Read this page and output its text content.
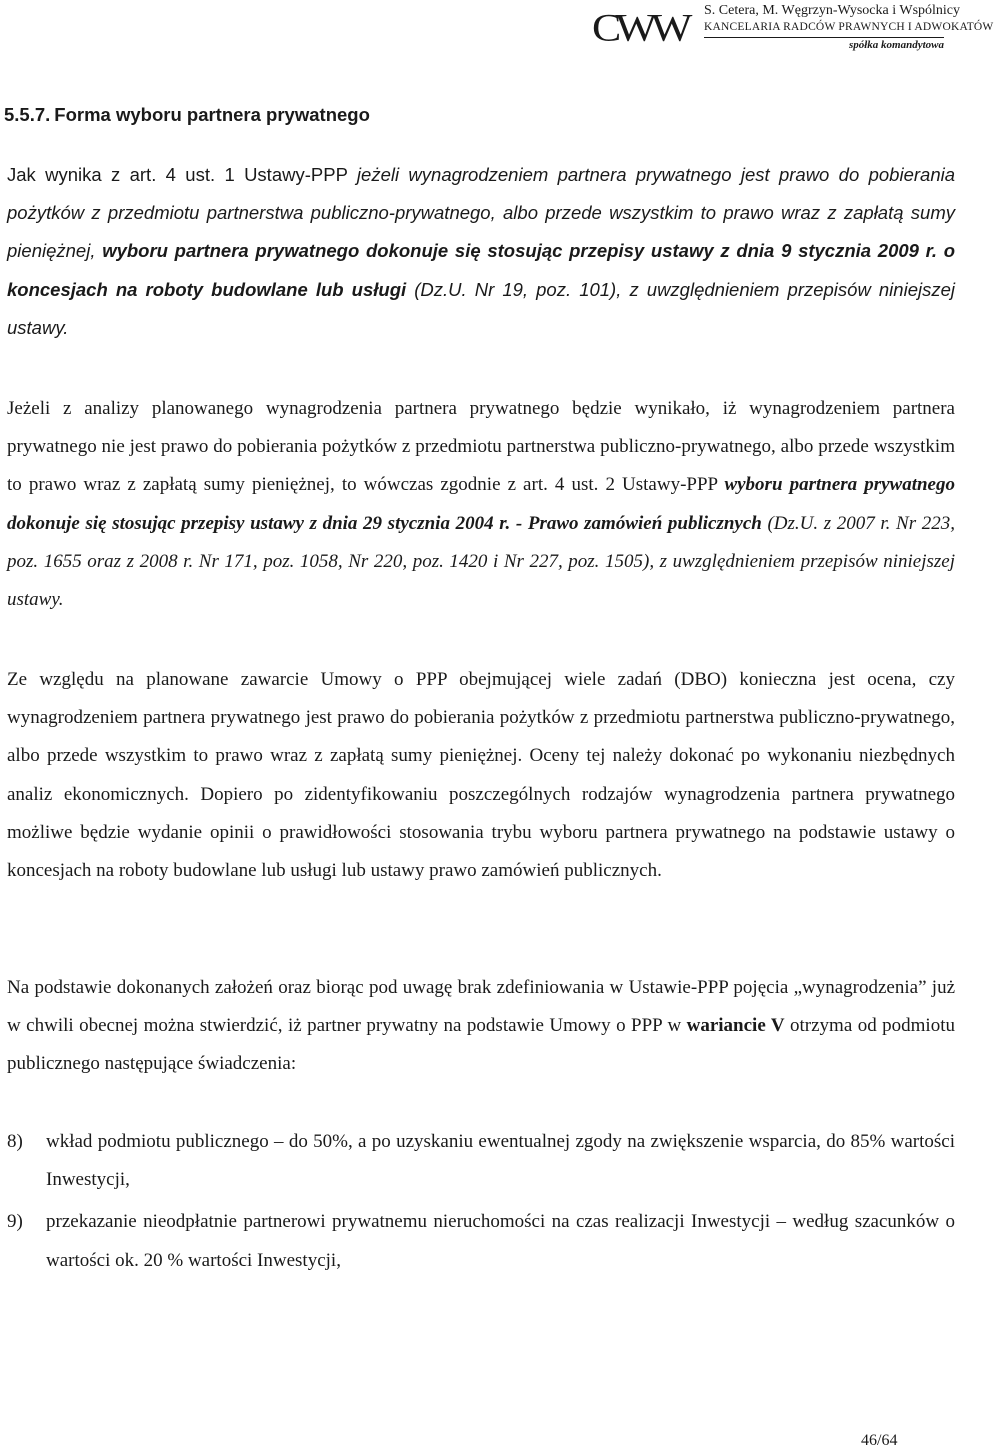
CWW S. Cetera, M. Węgrzyn-Wysocka i Wspólnicy
KANCELARIA RADCÓW PRAWNYCH I ADWOKATÓW
spółka komandytowa
5.5.7. Forma wyboru partnera prywatnego

Jak wynika z art. 4 ust. 1 Ustawy-PPP jeżeli wynagrodzeniem partnera prywatnego jest prawo do pobierania pożytków z przedmiotu partnerstwa publiczno-prywatnego, albo przede wszystkim to prawo wraz z zapłatą sumy pieniężnej, wyboru partnera prywatnego dokonuje się stosując przepisy ustawy z dnia 9 stycznia 2009 r. o koncesjach na roboty budowlane lub usługi (Dz.U. Nr 19, poz. 101), z uwzględnieniem przepisów niniejszej ustawy.

Jeżeli z analizy planowanego wynagrodzenia partnera prywatnego będzie wynikało, iż wynagrodzeniem partnera prywatnego nie jest prawo do pobierania pożytków z przedmiotu partnerstwa publiczno-prywatnego, albo przede wszystkim to prawo wraz z zapłatą sumy pieniężnej, to wówczas zgodnie z art. 4 ust. 2 Ustawy-PPP wyboru partnera prywatnego dokonuje się stosując przepisy ustawy z dnia 29 stycznia 2004 r. - Prawo zamówień publicznych (Dz.U. z 2007 r. Nr 223, poz. 1655 oraz z 2008 r. Nr 171, poz. 1058, Nr 220, poz. 1420 i Nr 227, poz. 1505), z uwzględnieniem przepisów niniejszej ustawy.

Ze względu na planowane zawarcie Umowy o PPP obejmującej wiele zadań (DBO) konieczna jest ocena, czy wynagrodzeniem partnera prywatnego jest prawo do pobierania pożytków z przedmiotu partnerstwa publiczno-prywatnego, albo przede wszystkim to prawo wraz z zapłatą sumy pieniężnej. Oceny tej należy dokonać po wykonaniu niezbędnych analiz ekonomicznych. Dopiero po zidentyfikowaniu poszczególnych rodzajów wynagrodzenia partnera prywatnego możliwe będzie wydanie opinii o prawidłowości stosowania trybu wyboru partnera prywatnego na podstawie ustawy o koncesjach na roboty budowlane lub usługi lub ustawy prawo zamówień publicznych.

Na podstawie dokonanych założeń oraz biorąc pod uwagę brak zdefiniowania w Ustawie-PPP pojęcia „wynagrodzenia” już w chwili obecnej można stwierdzić, iż partner prywatny na podstawie Umowy o PPP w wariancie V otrzyma od podmiotu publicznego następujące świadczenia:

8) wkład podmiotu publicznego – do 50%, a po uzyskaniu ewentualnej zgody na zwiększenie wsparcia, do 85% wartości Inwestycji,
9) przekazanie nieodpłatnie partnerowi prywatnemu nieruchomości na czas realizacji Inwestycji – według szacunków o wartości ok. 20 % wartości Inwestycji,
46/64
